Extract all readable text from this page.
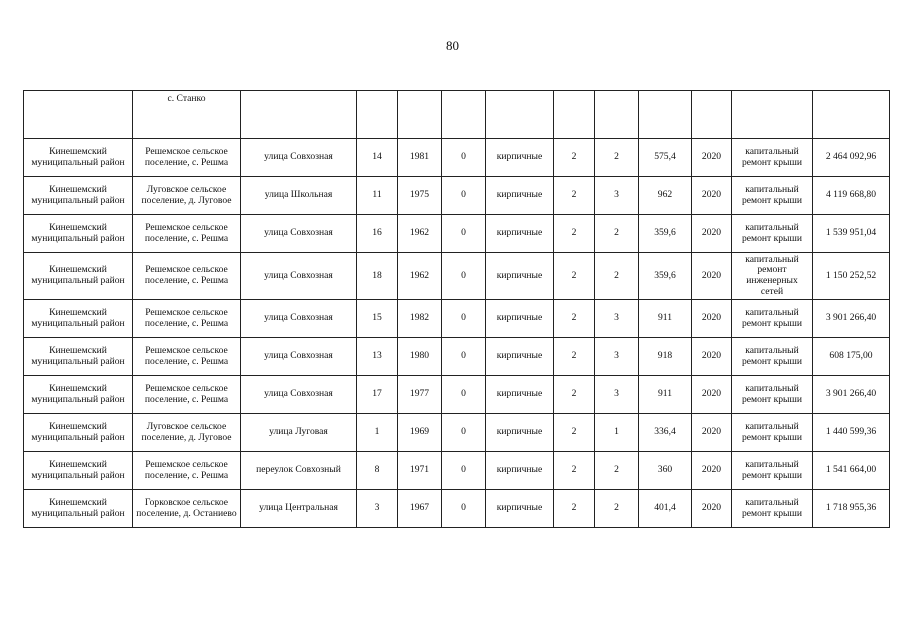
80
	с. Станко											
Кинешемский муниципальный район	Решемское сельское поселение, с. Решма	улица Совхозная	14	1981	0	кирпичные	2	2	575,4	2020	капитальный ремонт крыши	2 464 092,96
Кинешемский муниципальный район	Луговское сельское поселение, д. Луговое	улица Школьная	11	1975	0	кирпичные	2	3	962	2020	капитальный ремонт крыши	4 119 668,80
Кинешемский муниципальный район	Решемское сельское поселение, с. Решма	улица Совхозная	16	1962	0	кирпичные	2	2	359,6	2020	капитальный ремонт крыши	1 539 951,04
Кинешемский муниципальный район	Решемское сельское поселение, с. Решма	улица Совхозная	18	1962	0	кирпичные	2	2	359,6	2020	капитальный ремонт инженерных сетей	1 150 252,52
Кинешемский муниципальный район	Решемское сельское поселение, с. Решма	улица Совхозная	15	1982	0	кирпичные	2	3	911	2020	капитальный ремонт крыши	3 901 266,40
Кинешемский муниципальный район	Решемское сельское поселение, с. Решма	улица Совхозная	13	1980	0	кирпичные	2	3	918	2020	капитальный ремонт крыши	608 175,00
Кинешемский муниципальный район	Решемское сельское поселение, с. Решма	улица Совхозная	17	1977	0	кирпичные	2	3	911	2020	капитальный ремонт крыши	3 901 266,40
Кинешемский муниципальный район	Луговское сельское поселение, д. Луговое	улица Луговая	1	1969	0	кирпичные	2	1	336,4	2020	капитальный ремонт крыши	1 440 599,36
Кинешемский муниципальный район	Решемское сельское поселение, с. Решма	переулок Совхозный	8	1971	0	кирпичные	2	2	360	2020	капитальный ремонт крыши	1 541 664,00
Кинешемский муниципальный район	Горковское сельское поселение, д. Останиево	улица Центральная	3	1967	0	кирпичные	2	2	401,4	2020	капитальный ремонт крыши	1 718 955,36
